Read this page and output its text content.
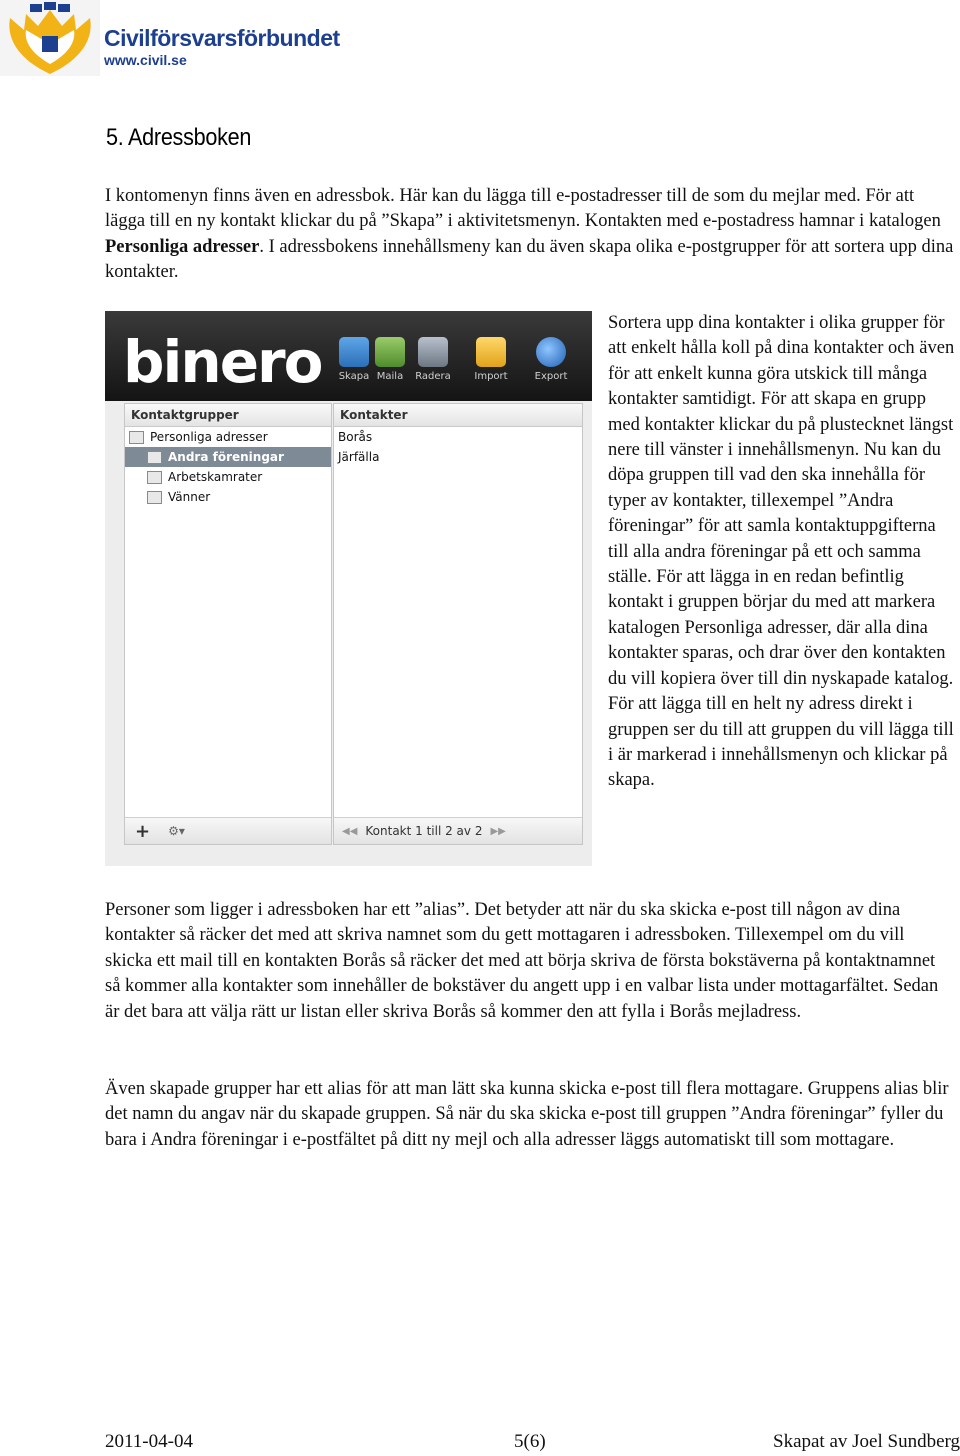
Civilförsvarsförbundet
www.civil.se
5. Adressboken

I kontomenyn finns även en adressbok. Här kan du lägga till e-postadresser till de som du mejlar med. För att lägga till en ny kontakt klickar du på ”Skapa” i aktivitetsmenyn. Kontakten med e-postadress hamnar i katalogen Personliga adresser. I adressbokens innehållsmeny kan du även skapa olika e-postgrupper för att sortera upp dina kontakter.

binero	Skapa Maila	Radera	Import	Export
Kontaktgrupper
Personliga adresser
Andra föreningar
Arbetskamrater
Vänner
+ ⚙▾
Kontakter
Borås
Järfälla
◀◀ Kontakt 1 till 2 av 2 ▶▶

Sortera upp dina kontakter i olika grupper för att enkelt hålla koll på dina kontakter och även för att enkelt kunna göra utskick till många kontakter samtidigt. För att skapa en grupp med kontakter klickar du på plustecknet längst nere till vänster i innehållsmenyn. Nu kan du döpa gruppen till vad den ska innehålla för typer av kontakter, tillexempel ”Andra föreningar” för att samla kontaktuppgifterna till alla andra föreningar på ett och samma ställe. För att lägga in en redan befintlig kontakt i gruppen börjar du med att markera katalogen Personliga adresser, där alla dina kontakter sparas, och drar över den kontakten du vill kopiera över till din nyskapade katalog. För att lägga till en helt ny adress direkt i gruppen ser du till att gruppen du vill lägga till i är markerad i innehållsmenyn och klickar på skapa.

Personer som ligger i adressboken har ett ”alias”. Det betyder att när du ska skicka e-post till någon av dina kontakter så räcker det med att skriva namnet som du gett mottagaren i adressboken. Tillexempel om du vill skicka ett mail till en kontakten Borås så räcker det med att börja skriva de första bokstäverna på kontaktnamnet så kommer alla kontakter som innehåller de bokstäver du angett upp i en valbar lista under mottagarfältet. Sedan är det bara att välja rätt ur listan eller skriva Borås så kommer den att fylla i Borås mejladress.

Även skapade grupper har ett alias för att man lätt ska kunna skicka e-post till flera mottagare. Gruppens alias blir det namn du angav när du skapade gruppen. Så när du ska skicka e-post till gruppen ”Andra föreningar” fyller du bara i Andra föreningar i e-postfältet på ditt ny mejl och alla adresser läggs automatiskt till som mottagare.

2011-04-04	5(6)	Skapat av Joel Sundberg
